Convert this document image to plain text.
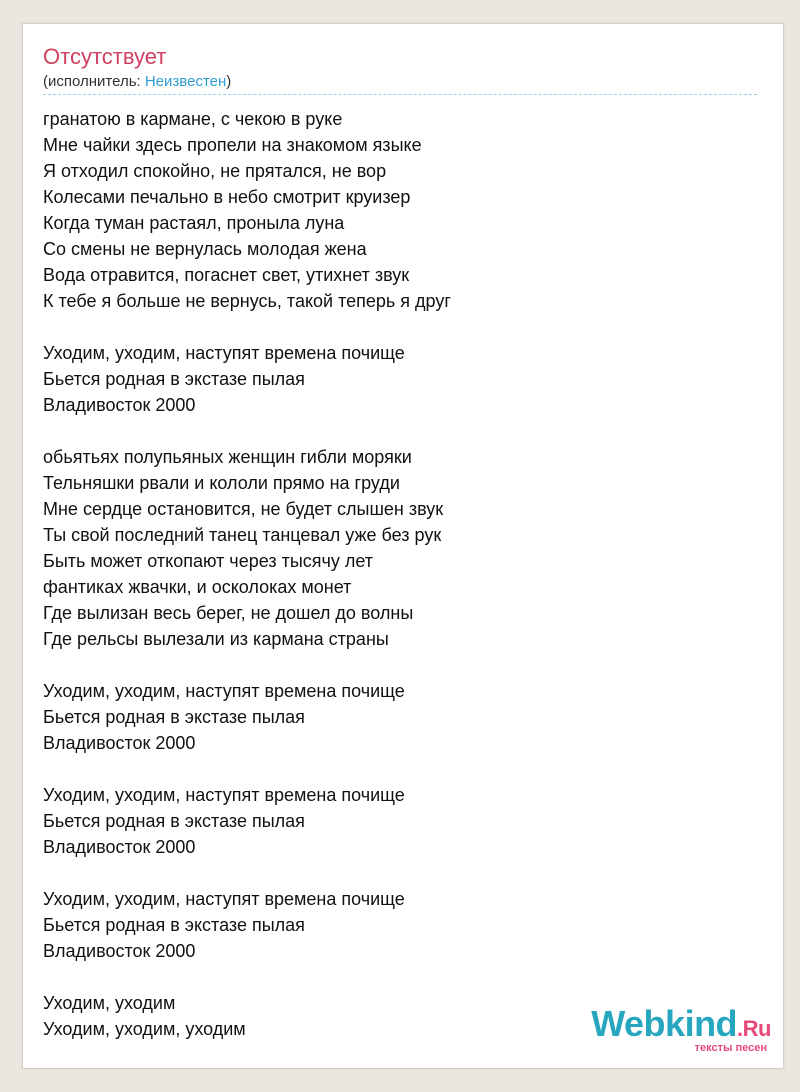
Отсутствует
(исполнитель: Неизвестен)
гранатою в кармане, с чекою в руке
Мне чайки здесь пропели на знакомом языке
Я отходил спокойно, не прятался, не вор
Колесами печально в небо смотрит круизер
Когда туман растаял, проныла луна
Со смены не вернулась молодая жена
Вода отравится, погаснет свет, утихнет звук
К тебе я больше не вернусь, такой теперь я друг
Уходим, уходим, наступят времена почище
Бьется родная в экстазе пылая
Владивосток 2000
обьятьях полупьяных женщин гибли моряки
Тельняшки рвали и кололи прямо на груди
Мне сердце остановится, не будет слышен звук
Ты свой последний танец танцевал уже без рук
Быть может откопают через тысячу лет
фантиках жвачки, и осколоках монет
Где вылизан весь берег, не дошел до волны
Где рельсы вылезали из кармана страны
Уходим, уходим, наступят времена почище
Бьется родная в экстазе пылая
Владивосток 2000
Уходим, уходим, наступят времена почище
Бьется родная в экстазе пылая
Владивосток 2000
Уходим, уходим, наступят времена почище
Бьется родная в экстазе пылая
Владивосток 2000
Уходим, уходим
Уходим, уходим, уходим	Webkind.Ru
тексты песен
